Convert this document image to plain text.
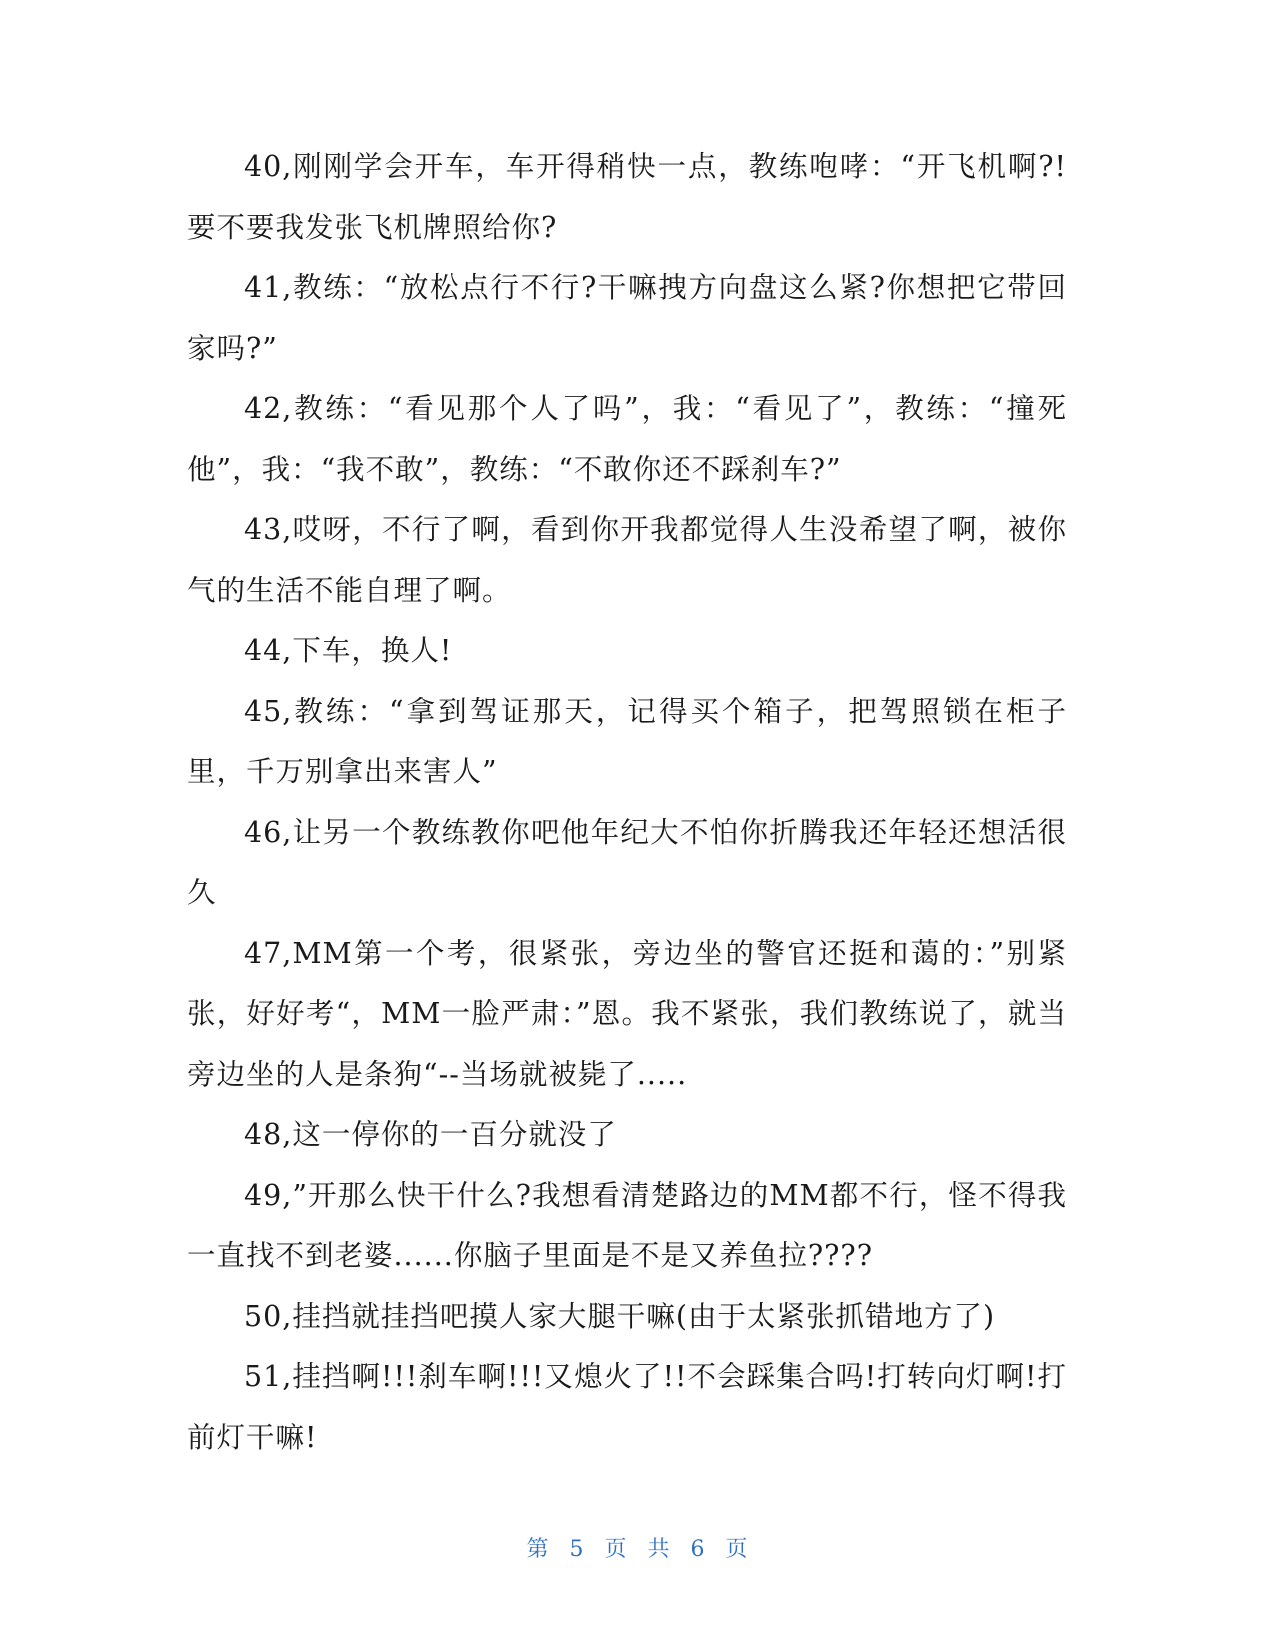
40,刚刚学会开车，车开得稍快一点，教练咆哮：“开飞机啊?!要不要我发张飞机牌照给你?

41,教练：“放松点行不行?干嘛拽方向盘这么紧?你想把它带回家吗?”

42,教练：“看见那个人了吗”，我：“看见了”，教练：“撞死他”，我：“我不敢”，教练：“不敢你还不踩刹车?”

43,哎呀，不行了啊，看到你开我都觉得人生没希望了啊，被你气的生活不能自理了啊。

44,下车，换人!

45,教练：“拿到驾证那天，记得买个箱子，把驾照锁在柜子里，千万别拿出来害人”

46,让另一个教练教你吧他年纪大不怕你折腾我还年轻还想活很久

47,MM第一个考，很紧张，旁边坐的警官还挺和蔼的：”别紧张，好好考“，MM一脸严肃：”恩。我不紧张，我们教练说了，就当旁边坐的人是条狗“--当场就被毙了.....

48,这一停你的一百分就没了

49,”开那么快干什么?我想看清楚路边的MM都不行，怪不得我一直找不到老婆......你脑子里面是不是又养鱼拉????

50,挂挡就挂挡吧摸人家大腿干嘛(由于太紧张抓错地方了)

51,挂挡啊!!!刹车啊!!!又熄火了!!不会踩集合吗!打转向灯啊!打前灯干嘛!

第 5 页 共 6 页
